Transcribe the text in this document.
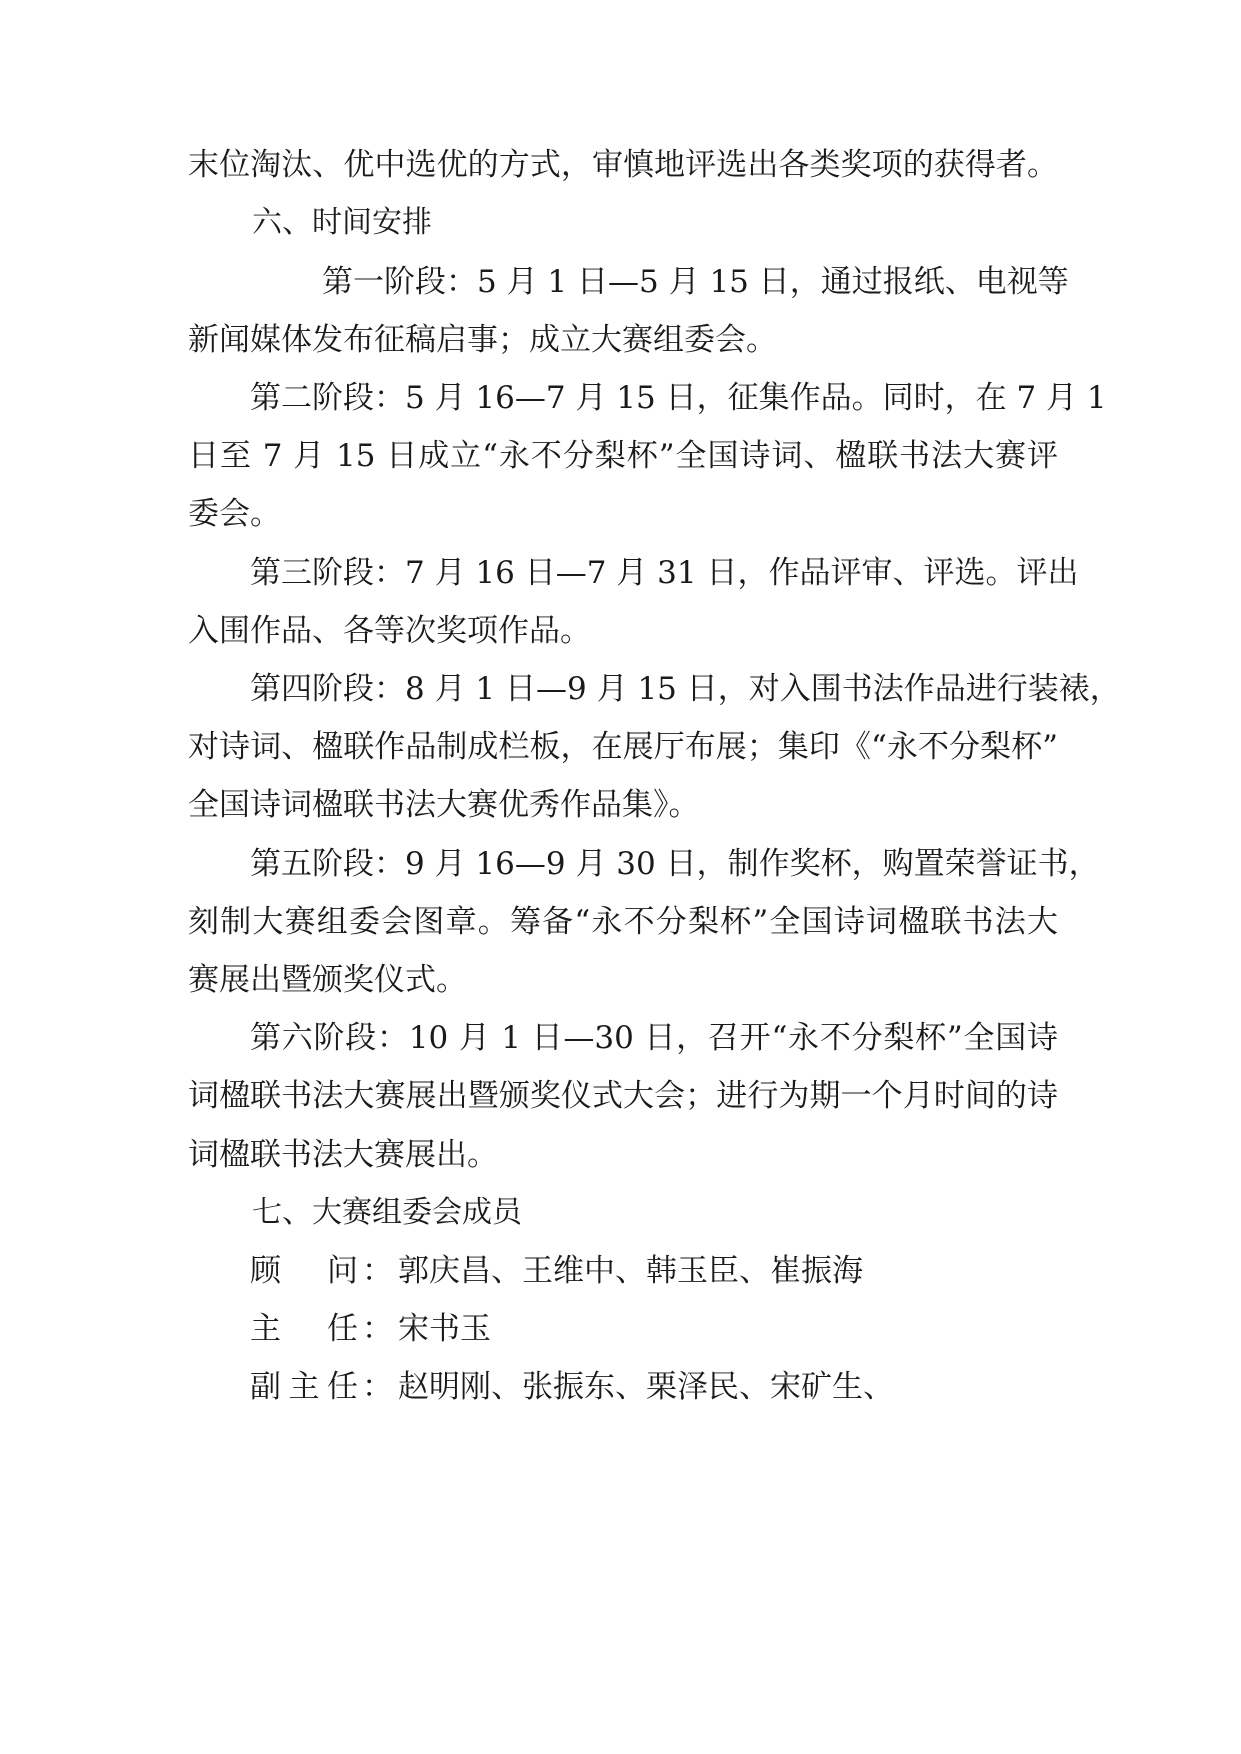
末位淘汰、优中选优的方式，审慎地评选出各类奖项的获得者。
六、时间安排
第一阶段：5 月 1 日—5 月 15 日，通过报纸、电视等
新闻媒体发布征稿启事；成立大赛组委会。
第二阶段：5 月 16—7 月 15 日，征集作品。同时，在 7 月 1
日至 7 月 15 日成立“永不分梨杯”全国诗词、楹联书法大赛评
委会。
第三阶段：7 月 16 日—7 月 31 日，作品评审、评选。评出
入围作品、各等次奖项作品。
第四阶段：8 月 1 日—9 月 15 日，对入围书法作品进行装裱，
对诗词、楹联作品制成栏板，在展厅布展；集印《“永不分梨杯”
全国诗词楹联书法大赛优秀作品集》。
第五阶段：9 月 16—9 月 30 日，制作奖杯，购置荣誉证书，
刻制大赛组委会图章。筹备“永不分梨杯”全国诗词楹联书法大
赛展出暨颁奖仪式。
第六阶段：10 月 1 日—30 日，召开“永不分梨杯”全国诗
词楹联书法大赛展出暨颁奖仪式大会；进行为期一个月时间的诗
词楹联书法大赛展出。
七、大赛组委会成员
顾问 ： 郭庆昌、王维中、韩玉臣、崔振海
主任 ： 宋书玉
副主任 ： 赵明刚、张振东、栗泽民、宋矿生、
